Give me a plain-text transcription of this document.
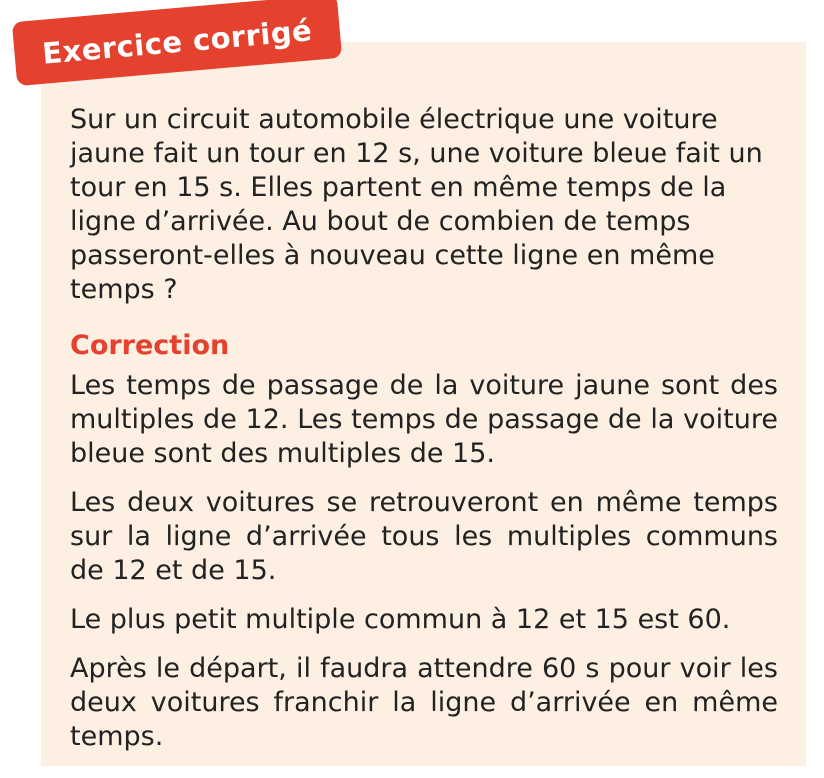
Exercice corrigé

Sur un circuit automobile électrique une voiture jaune fait un tour en 12 s, une voiture bleue fait un tour en 15 s. Elles partent en même temps de la ligne d’arrivée. Au bout de combien de temps passeront-elles à nouveau cette ligne en même temps ?

Correction

Les temps de passage de la voiture jaune sont des multiples de 12. Les temps de passage de la voiture bleue sont des multiples de 15.

Les deux voitures se retrouveront en même temps sur la ligne d’arrivée tous les multiples communs de 12 et de 15.

Le plus petit multiple commun à 12 et 15 est 60.

Après le départ, il faudra attendre 60 s pour voir les deux voitures franchir la ligne d’arrivée en même temps.
